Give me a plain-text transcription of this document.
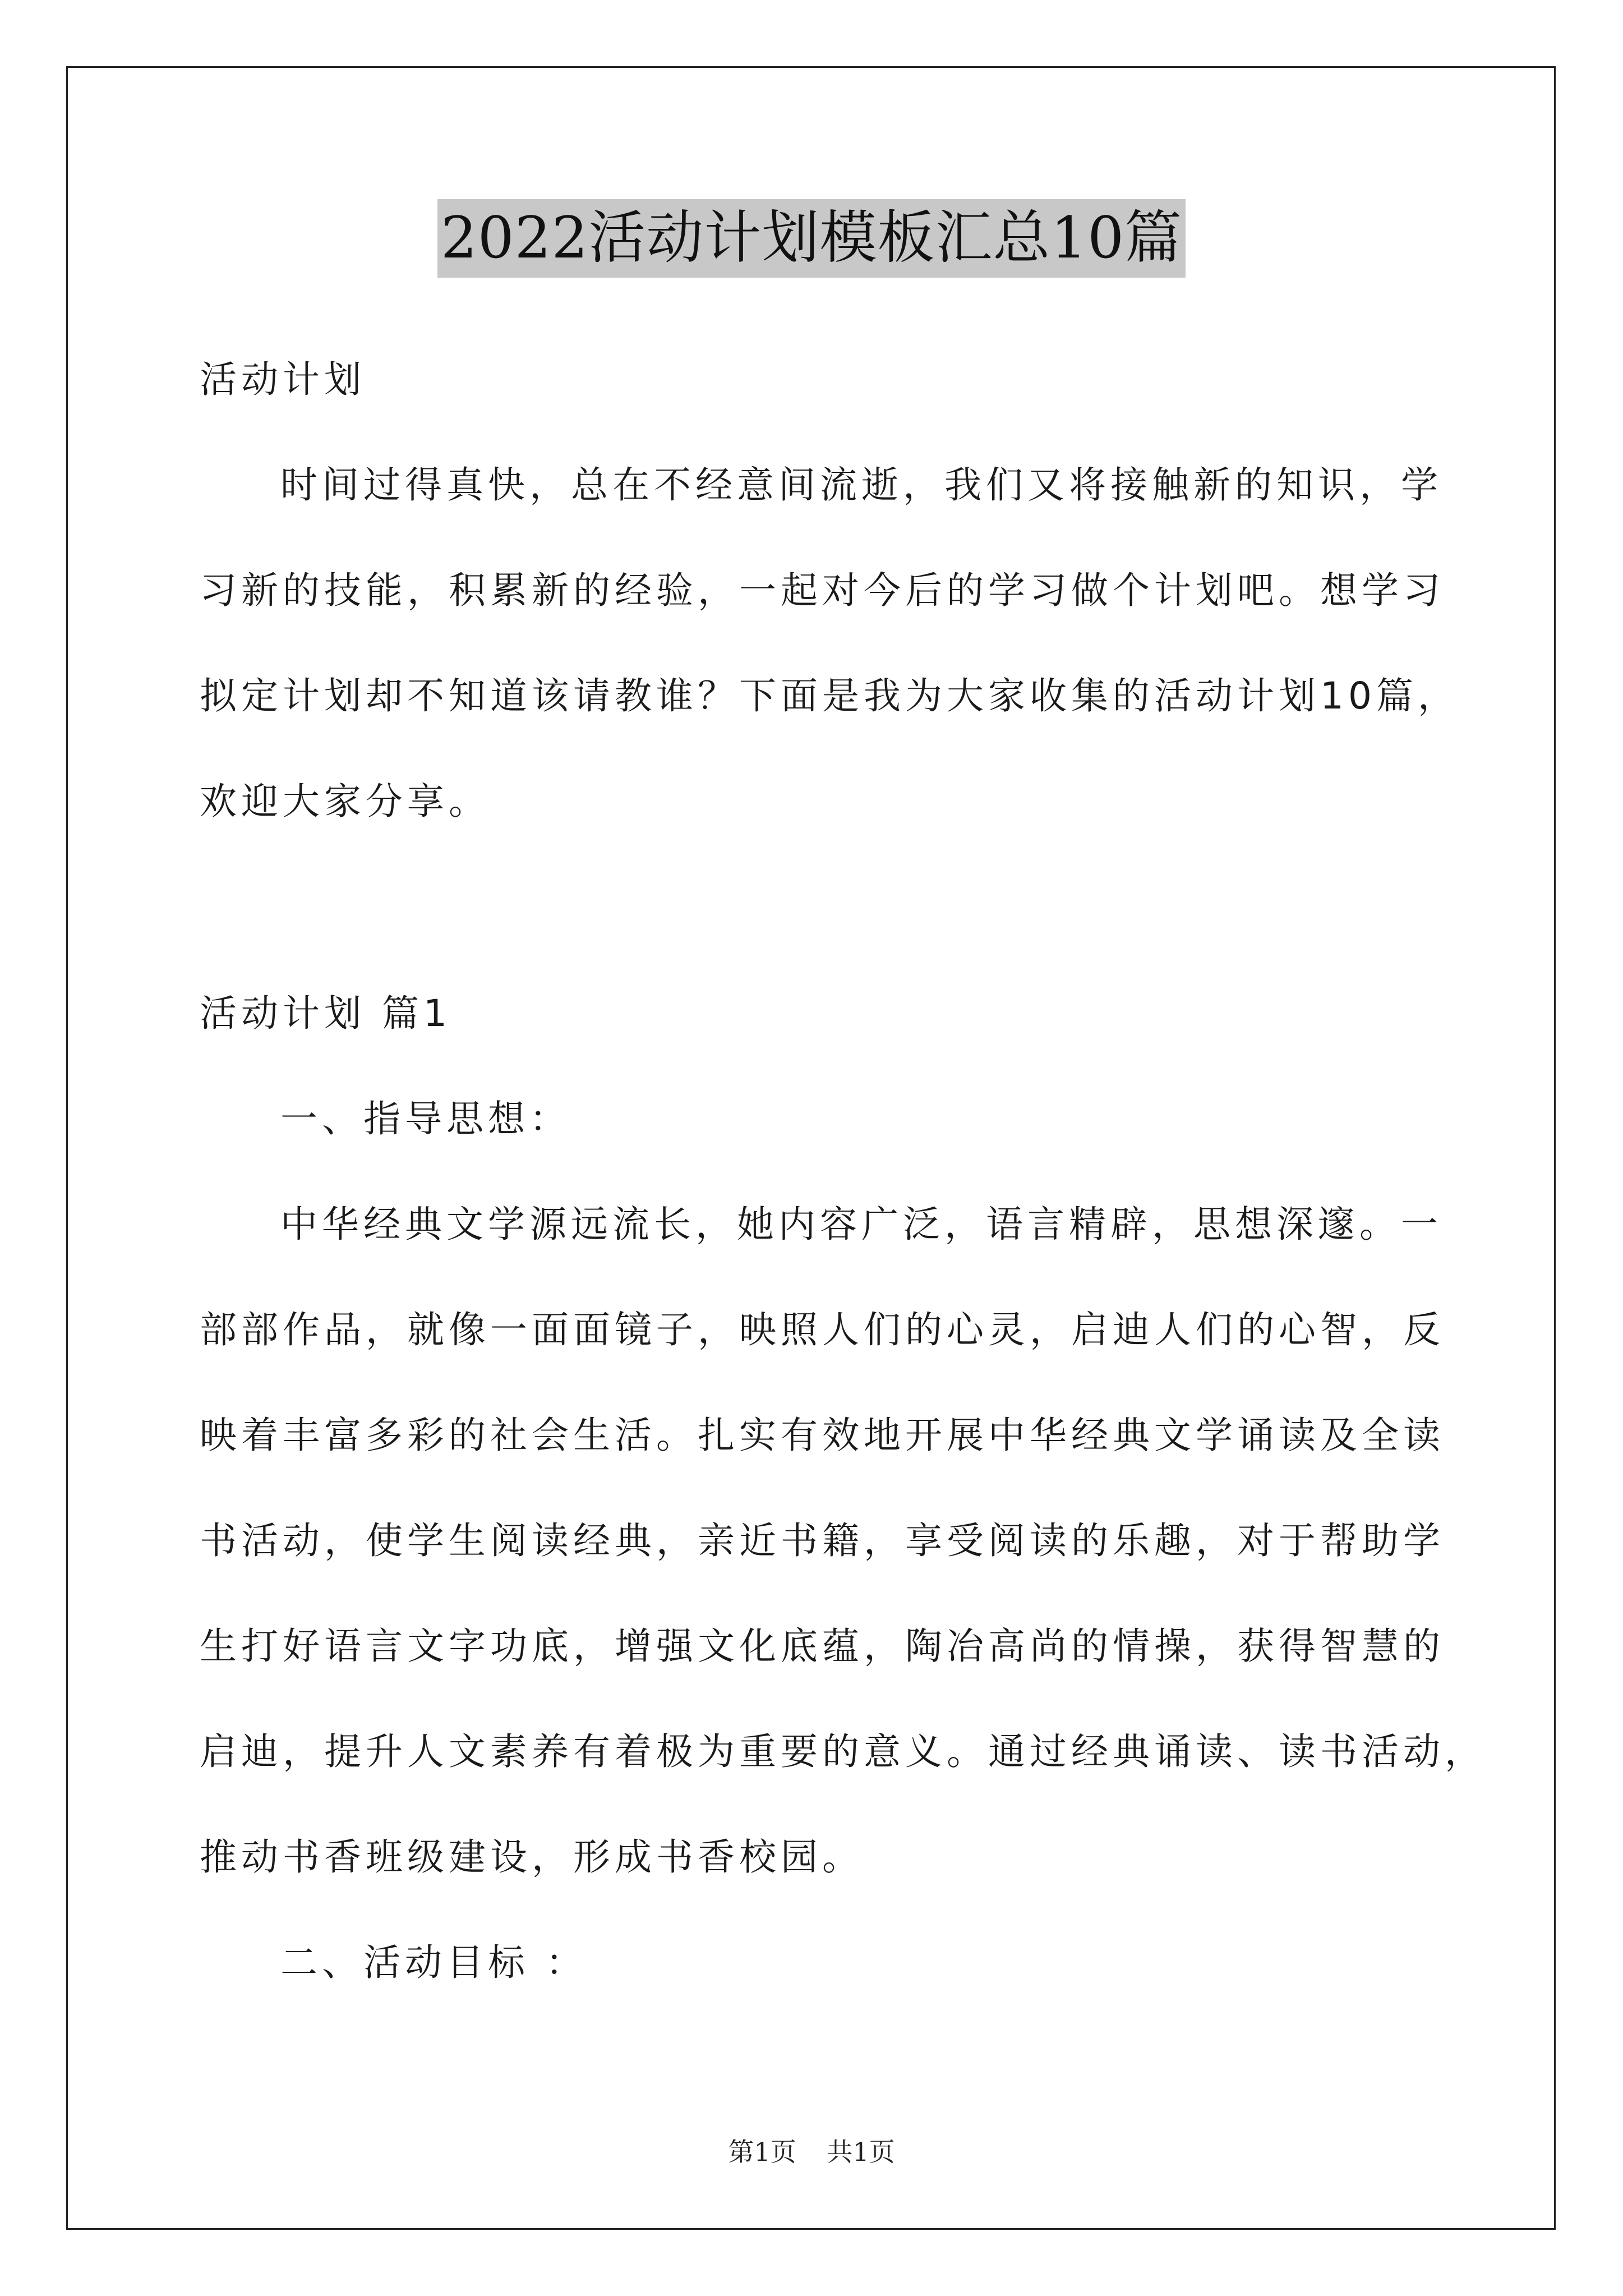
2022活动计划模板汇总10篇
活动计划
时间过得真快，总在不经意间流逝，我们又将接触新的知识，学
习新的技能，积累新的经验，一起对今后的学习做个计划吧。想学习
拟定计划却不知道该请教谁？下面是我为大家收集的活动计划10篇，
欢迎大家分享。
活动计划 篇1
一、指导思想：
中华经典文学源远流长，她内容广泛，语言精辟，思想深邃。一
部部作品，就像一面面镜子，映照人们的心灵，启迪人们的心智，反
映着丰富多彩的社会生活。扎实有效地开展中华经典文学诵读及全读
书活动，使学生阅读经典，亲近书籍，享受阅读的乐趣，对于帮助学
生打好语言文字功底，增强文化底蕴，陶冶高尚的情操，获得智慧的
启迪，提升人文素养有着极为重要的意义。通过经典诵读、读书活动，
推动书香班级建设，形成书香校园。
二、活动目标 ：
第1页 共1页
